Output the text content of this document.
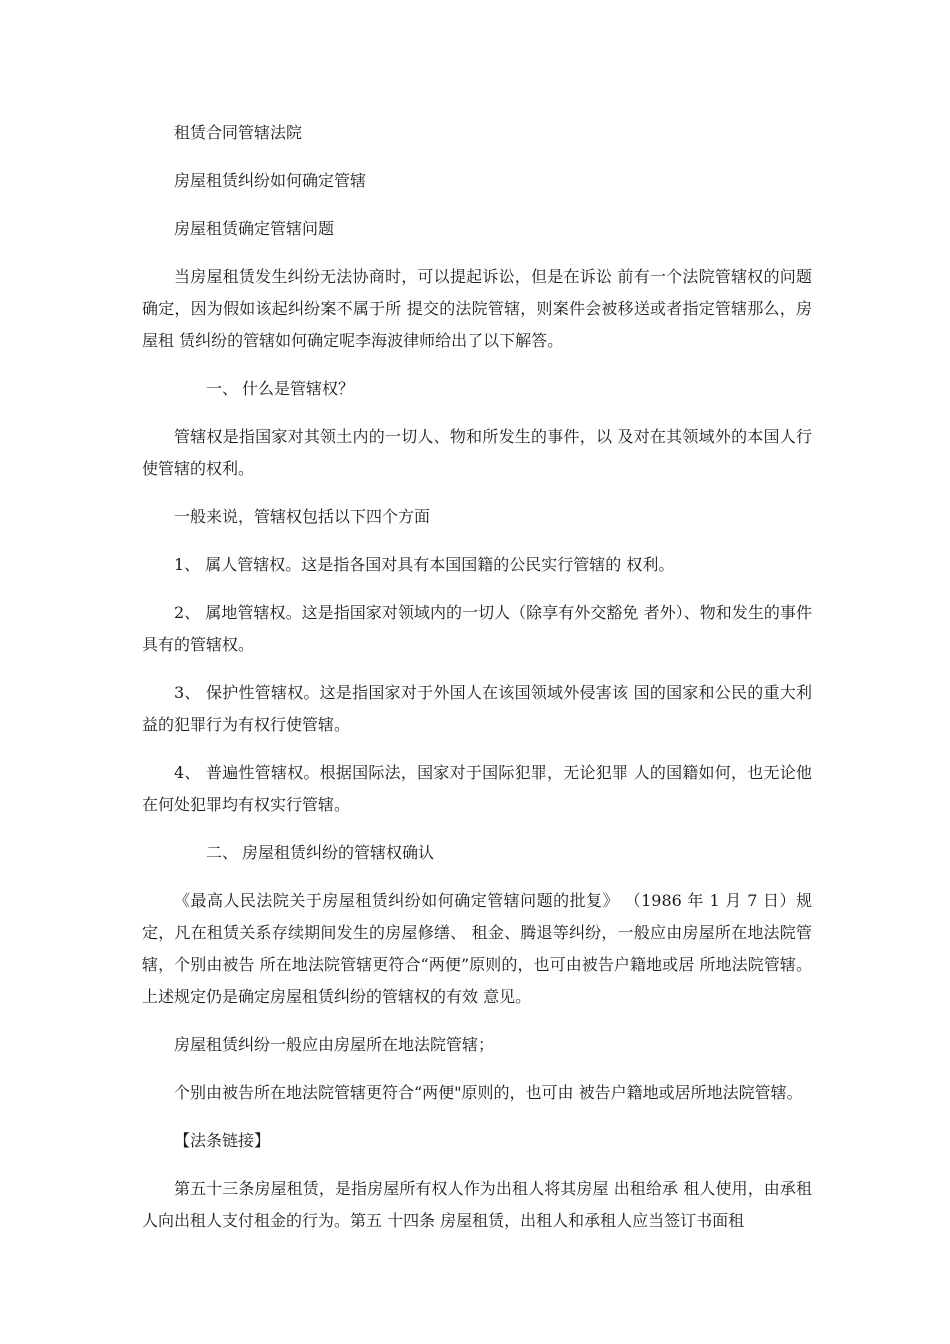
租赁合同管辖法院

房屋租赁纠纷如何确定管辖

房屋租赁确定管辖问题

当房屋租赁发生纠纷无法协商时，可以提起诉讼，但是在诉讼 前有一个法院管辖权的问题确定，因为假如该起纠纷案不属于所 提交的法院管辖，则案件会被移送或者指定管辖那么，房屋租 赁纠纷的管辖如何确定呢李海波律师给出了以下解答。

一、 什么是管辖权？

管辖权是指国家对其领土内的一切人、物和所发生的事件，以 及对在其领域外的本国人行使管辖的权利。

一般来说，管辖权包括以下四个方面

1、 属人管辖权。这是指各国对具有本国国籍的公民实行管辖的 权利。

2、 属地管辖权。这是指国家对领域内的一切人（除享有外交豁免 者外）、物和发生的事件具有的管辖权。

3、 保护性管辖权。这是指国家对于外国人在该国领域外侵害该 国的国家和公民的重大利益的犯罪行为有权行使管辖。

4、 普遍性管辖权。根据国际法，国家对于国际犯罪，无论犯罪 人的国籍如何，也无论他在何处犯罪均有权实行管辖。

二、 房屋租赁纠纷的管辖权确认

《最高人民法院关于房屋租赁纠纷如何确定管辖问题的批复》 （1986 年 1 月 7 日）规定，凡在租赁关系存续期间发生的房屋修缮、 租金、腾退等纠纷，一般应由房屋所在地法院管辖，个别由被告 所在地法院管辖更符合“两便”原则的，也可由被告户籍地或居 所地法院管辖。上述规定仍是确定房屋租赁纠纷的管辖权的有效 意见。

房屋租赁纠纷一般应由房屋所在地法院管辖；

个别由被告所在地法院管辖更符合“两便"原则的，也可由 被告户籍地或居所地法院管辖。

【法条链接】

第五十三条房屋租赁，是指房屋所有权人作为出租人将其房屋 出租给承 租人使用，由承租人向出租人支付租金的行为。第五 十四条 房屋租赁，出租人和承租人应当签订书面租
